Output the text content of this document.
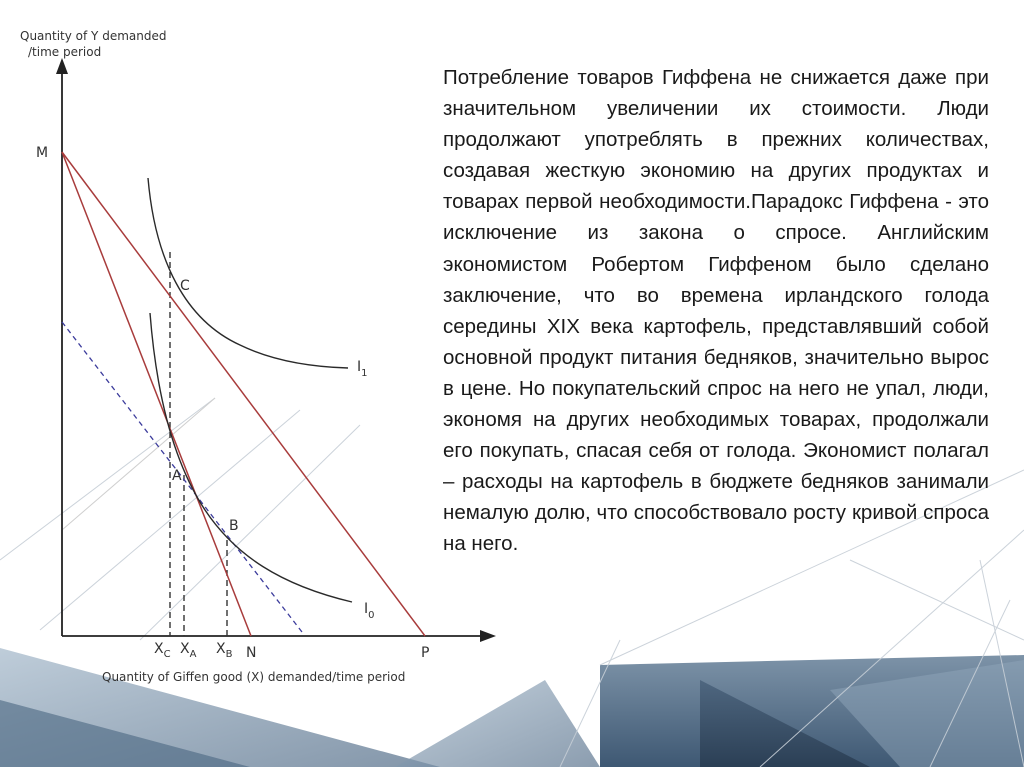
Quantity of Y demanded
/time period
Quantity of Giffen good (X) demanded/time period
M
C
A
B
N	P
$I_1$
$I_0$
$X_C$ $X_A$ $X_B$

Потребление товаров Гиффена не снижается даже при значительном увеличении их стоимости. Люди продолжают употреблять в прежних количествах, создавая жесткую экономию на других продуктах и товарах первой необходимости.Парадокс Гиффена - это исключение из закона о спросе. Английским экономистом Робертом Гиффеном было сделано заключение, что во времена ирландского голода середины XIX века картофель, представлявший собой основной продукт питания бедняков, значительно вырос в цене. Но покупательский спрос на него не упал, люди, экономя на других необходимых товарах, продолжали его покупать, спасая себя от голода. Экономист полагал – расходы на картофель в бюджете бедняков занимали немалую долю, что способствовало росту кривой спроса на него.
